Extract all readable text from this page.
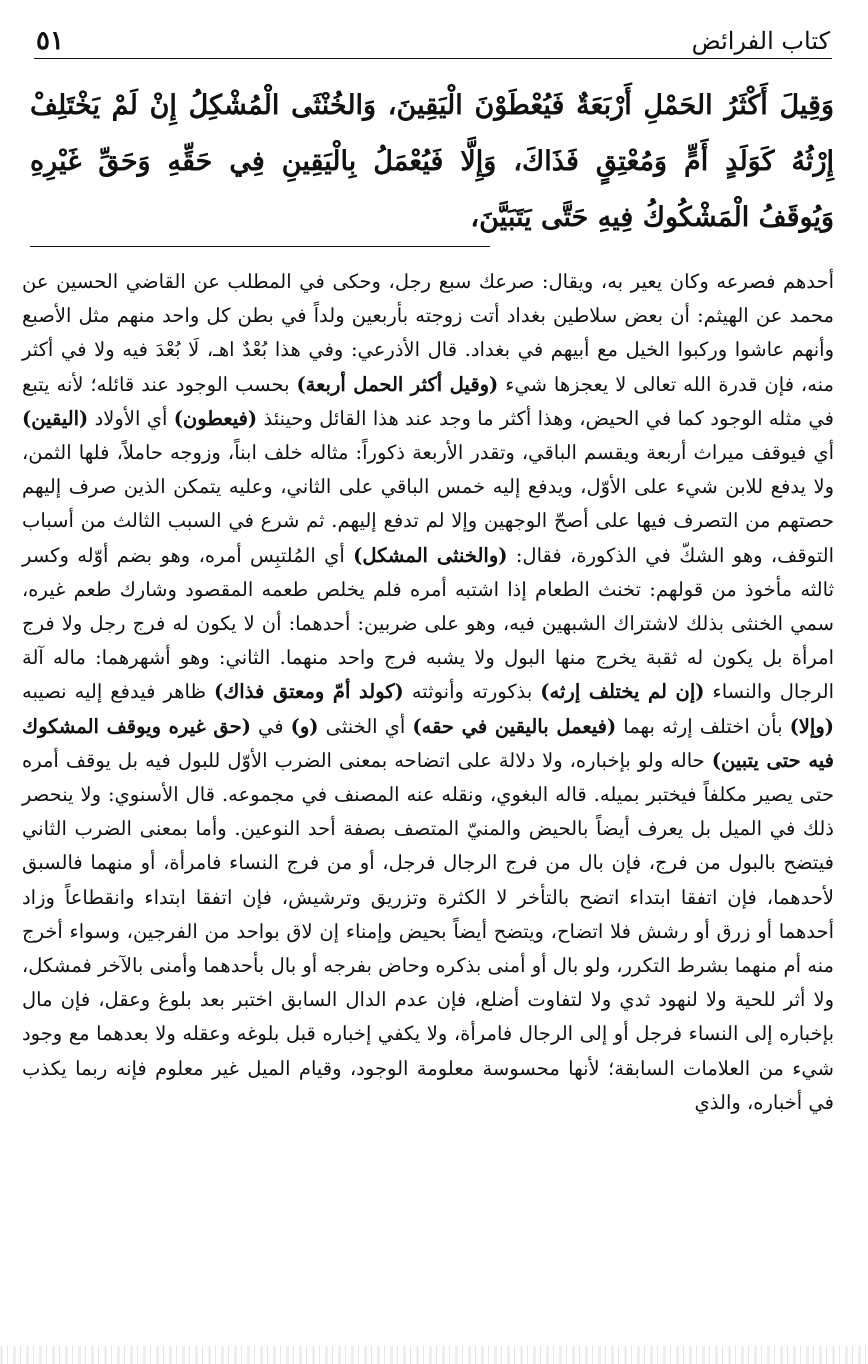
٥١	كتاب الفرائض

وَقِيلَ أَكْثَرُ الحَمْلِ أَرْبَعَةٌ فَيُعْطَوْنَ الْيَقِينَ، وَالخُنْثَى الْمُشْكِلُ إِنْ لَمْ يَخْتَلِفْ إِرْثُهُ كَوَلَدٍ أَمٍّ وَمُعْتِقٍ فَذَاكَ، وَإِلَّا فَيُعْمَلُ بِالْيَقِينِ فِي حَقِّهِ وَحَقِّ غَيْرِهِ وَيُوقَفُ الْمَشْكُوكُ فِيهِ حَتَّى يَتَبَيَّنَ،

أحدهم فصرعه وكان يعير به، ويقال: صرعك سبع رجل، وحكى في المطلب عن القاضي الحسين عن محمد عن الهيثم: أن بعض سلاطين بغداد أتت زوجته بأربعين ولداً في بطن كل واحد منهم مثل الأصبع وأنهم عاشوا وركبوا الخيل مع أبيهم في بغداد. قال الأذرعي: وفي هذا بُعْدٌ اهـ، لَا بُعْدَ فيه ولا في أكثر منه، فإن قدرة الله تعالى لا يعجزها شيء (وقيل أكثر الحمل أربعة) بحسب الوجود عند قائله؛ لأنه يتبع في مثله الوجود كما في الحيض، وهذا أكثر ما وجد عند هذا القائل وحينئذ (فيعطون) أي الأولاد (اليقين) أي فيوقف ميراث أربعة ويقسم الباقي، وتقدر الأربعة ذكوراً: مثاله خلف ابناً، وزوجه حاملاً، فلها الثمن، ولا يدفع للابن شيء على الأوّل، ويدفع إليه خمس الباقي على الثاني، وعليه يتمكن الذين صرف إليهم حصتهم من التصرف فيها على أصحّ الوجهين وإلا لم تدفع إليهم. ثم شرع في السبب الثالث من أسباب التوقف، وهو الشكّ في الذكورة، فقال: (والخنثى المشكل) أي المُلتبِس أمره، وهو بضم أوّله وكسر ثالثه مأخوذ من قولهم: تخنث الطعام إذا اشتبه أمره فلم يخلص طعمه المقصود وشارك طعم غيره، سمي الخنثى بذلك لاشتراك الشبهين فيه، وهو على ضربين: أحدهما: أن لا يكون له فرج رجل ولا فرج امرأة بل يكون له ثقبة يخرج منها البول ولا يشبه فرج واحد منهما. الثاني: وهو أشهرهما: ماله آلة الرجال والنساء (إن لم يختلف إرثه) بذكورته وأنوثته (كولد أمّ ومعتق فذاك) ظاهر فيدفع إليه نصيبه (وإلا) بأن اختلف إرثه بهما (فيعمل باليقين في حقه) أي الخنثى (و) في (حق غيره ويوقف المشكوك فيه حتى يتبين) حاله ولو بإخباره، ولا دلالة على اتضاحه بمعنى الضرب الأوّل للبول فيه بل يوقف أمره حتى يصير مكلفاً فيختبر بميله. قاله البغوي، ونقله عنه المصنف في مجموعه. قال الأسنوي: ولا ينحصر ذلك في الميل بل يعرف أيضاً بالحيض والمنيّ المتصف بصفة أحد النوعين. وأما بمعنى الضرب الثاني فيتضح بالبول من فرج، فإن بال من فرج الرجال فرجل، أو من فرج النساء فامرأة، أو منهما فالسبق لأحدهما، فإن اتفقا ابتداء اتضح بالتأخر لا الكثرة وتزريق وترشيش، فإن اتفقا ابتداء وانقطاعاً وزاد أحدهما أو زرق أو رشش فلا اتضاح، ويتضح أيضاً بحيض وإمناء إن لاق بواحد من الفرجين، وسواء أخرج منه أم منهما بشرط التكرر، ولو بال أو أمنى بذكره وحاض بفرجه أو بال بأحدهما وأمنى بالآخر فمشكل، ولا أثر للحية ولا لنهود ثدي ولا لتفاوت أضلع، فإن عدم الدال السابق اختبر بعد بلوغ وعقل، فإن مال بإخباره إلى النساء فرجل أو إلى الرجال فامرأة، ولا يكفي إخباره قبل بلوغه وعقله ولا بعدهما مع وجود شيء من العلامات السابقة؛ لأنها محسوسة معلومة الوجود، وقيام الميل غير معلوم فإنه ربما يكذب في أخباره، والذي
